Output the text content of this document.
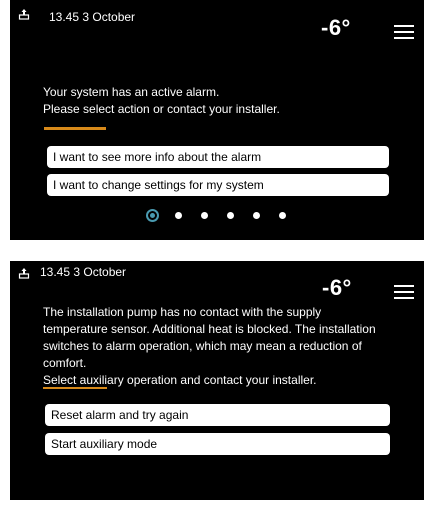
13.45 3 October	-6°
Your system has an active alarm.
Please select action or contact your installer.
I want to see more info about the alarm
I want to change settings for my system
13.45 3 October
-6°
The installation pump has no contact with the supply
temperature sensor. Additional heat is blocked. The installation
switches to alarm operation, which may mean a reduction of
comfort.
Select auxiliary operation and contact your installer.
Reset alarm and try again
Start auxiliary mode
